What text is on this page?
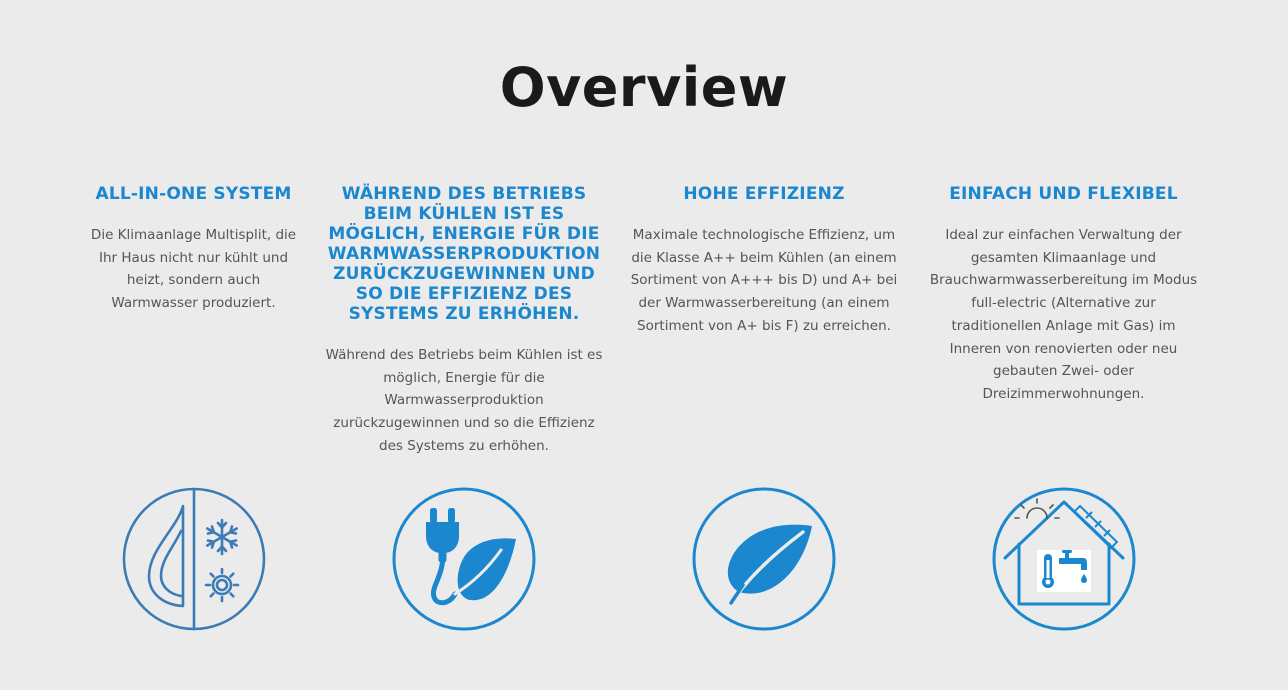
Overview
ALL-IN-ONE SYSTEM

Die Klimaanlage Multisplit, die Ihr Haus nicht nur kühlt und heizt, sondern auch Warmwasser produziert.

WÄHREND DES BETRIEBS BEIM KÜHLEN IST ES MÖGLICH, ENERGIE FÜR DIE WARMWASSERPRODUKTION ZURÜCKZUGEWINNEN UND SO DIE EFFIZIENZ DES SYSTEMS ZU ERHÖHEN.

Während des Betriebs beim Kühlen ist es möglich, Energie für die Warmwasserproduktion zurückzugewinnen und so die Effizienz des Systems zu erhöhen.

HOHE EFFIZIENZ

Maximale technologische Effizienz, um die Klasse A++ beim Kühlen (an einem Sortiment von A+++ bis D) und A+ bei der Warmwasserbereitung (an einem Sortiment von A+ bis F) zu erreichen.

EINFACH UND FLEXIBEL

Ideal zur einfachen Verwaltung der gesamten Klimaanlage und Brauchwarmwasserbereitung im Modus full-electric (Alternative zur traditionellen Anlage mit Gas) im Inneren von renovierten oder neu gebauten Zwei- oder Dreizimmerwohnungen.
